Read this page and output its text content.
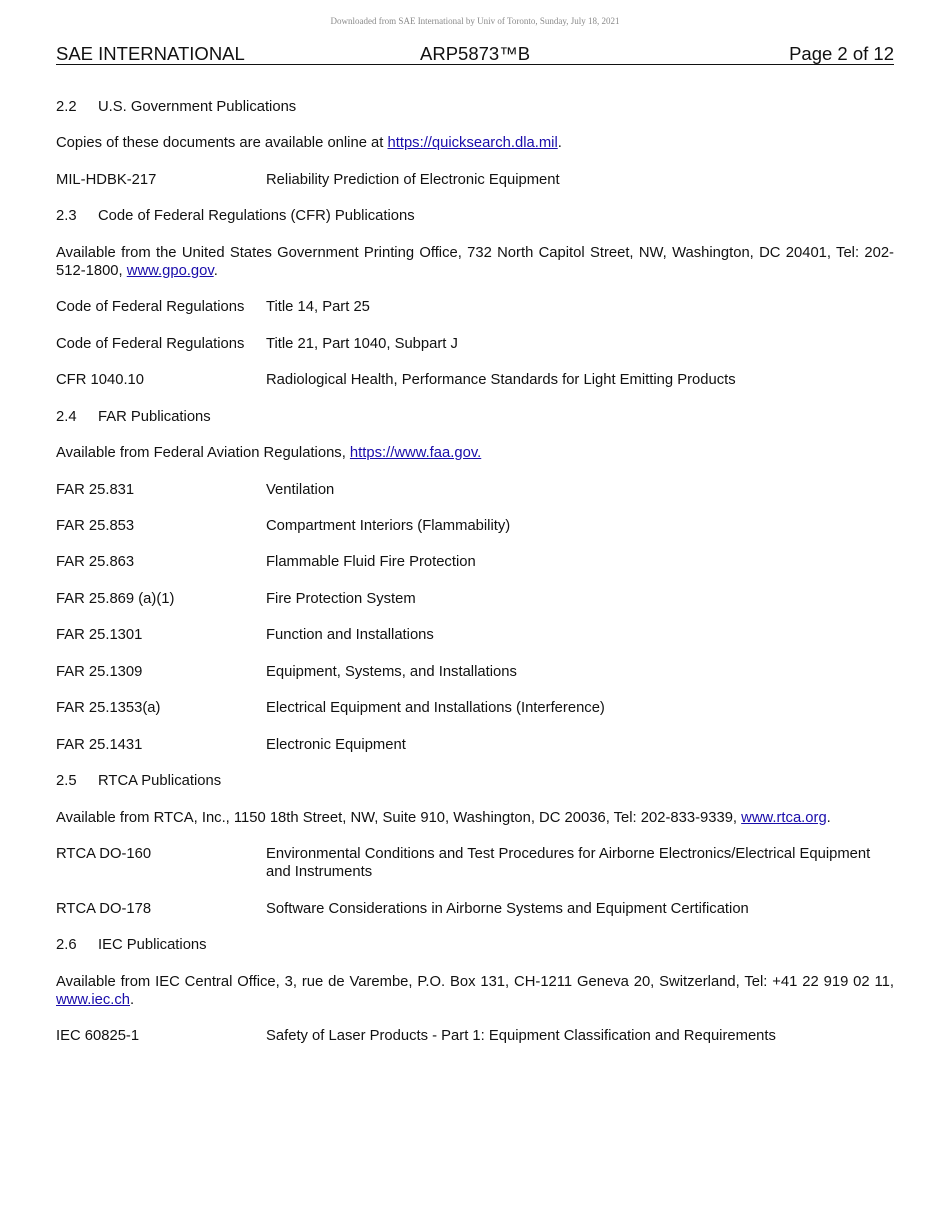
Downloaded from SAE International by Univ of Toronto, Sunday, July 18, 2021
SAE INTERNATIONAL	ARP5873™B	Page 2 of 12
2.2 U.S. Government Publications
Copies of these documents are available online at https://quicksearch.dla.mil.
MIL-HDBK-217	Reliability Prediction of Electronic Equipment
2.3 Code of Federal Regulations (CFR) Publications
Available from the United States Government Printing Office, 732 North Capitol Street, NW, Washington, DC 20401, Tel: 202-512-1800, www.gpo.gov.
Code of Federal Regulations Title 14, Part 25
Code of Federal Regulations Title 21, Part 1040, Subpart J
CFR 1040.10	Radiological Health, Performance Standards for Light Emitting Products
2.4 FAR Publications
Available from Federal Aviation Regulations, https://www.faa.gov.
FAR 25.831	Ventilation
FAR 25.853	Compartment Interiors (Flammability)
FAR 25.863	Flammable Fluid Fire Protection
FAR 25.869 (a)(1)	Fire Protection System
FAR 25.1301	Function and Installations
FAR 25.1309	Equipment, Systems, and Installations
FAR 25.1353(a)	Electrical Equipment and Installations (Interference)
FAR 25.1431	Electronic Equipment
2.5 RTCA Publications
Available from RTCA, Inc., 1150 18th Street, NW, Suite 910, Washington, DC 20036, Tel: 202-833-9339, www.rtca.org.
RTCA DO-160	Environmental Conditions and Test Procedures for Airborne Electronics/Electrical Equipment and Instruments
RTCA DO-178	Software Considerations in Airborne Systems and Equipment Certification
2.6 IEC Publications
Available from IEC Central Office, 3, rue de Varembe, P.O. Box 131, CH-1211 Geneva 20, Switzerland, Tel: +41 22 919 02 11, www.iec.ch.
IEC 60825-1	Safety of Laser Products - Part 1: Equipment Classification and Requirements
